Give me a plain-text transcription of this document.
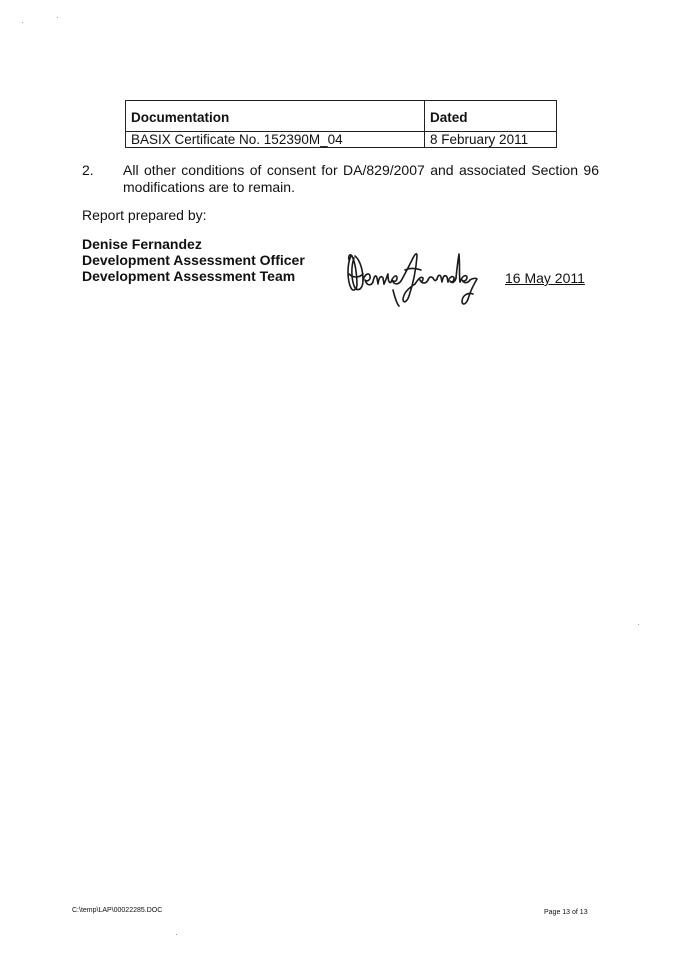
Documentation	Dated
BASIX Certificate No. 152390M_04	8 February 2011
2. All other conditions of consent for DA/829/2007 and associated Section 96 modifications are to remain.
Report prepared by:
Denise Fernandez
Development Assessment Officer
Development Assessment Team	16 May 2011
C:\temp\LAP\00022285.DOC	Page 13 of 13
